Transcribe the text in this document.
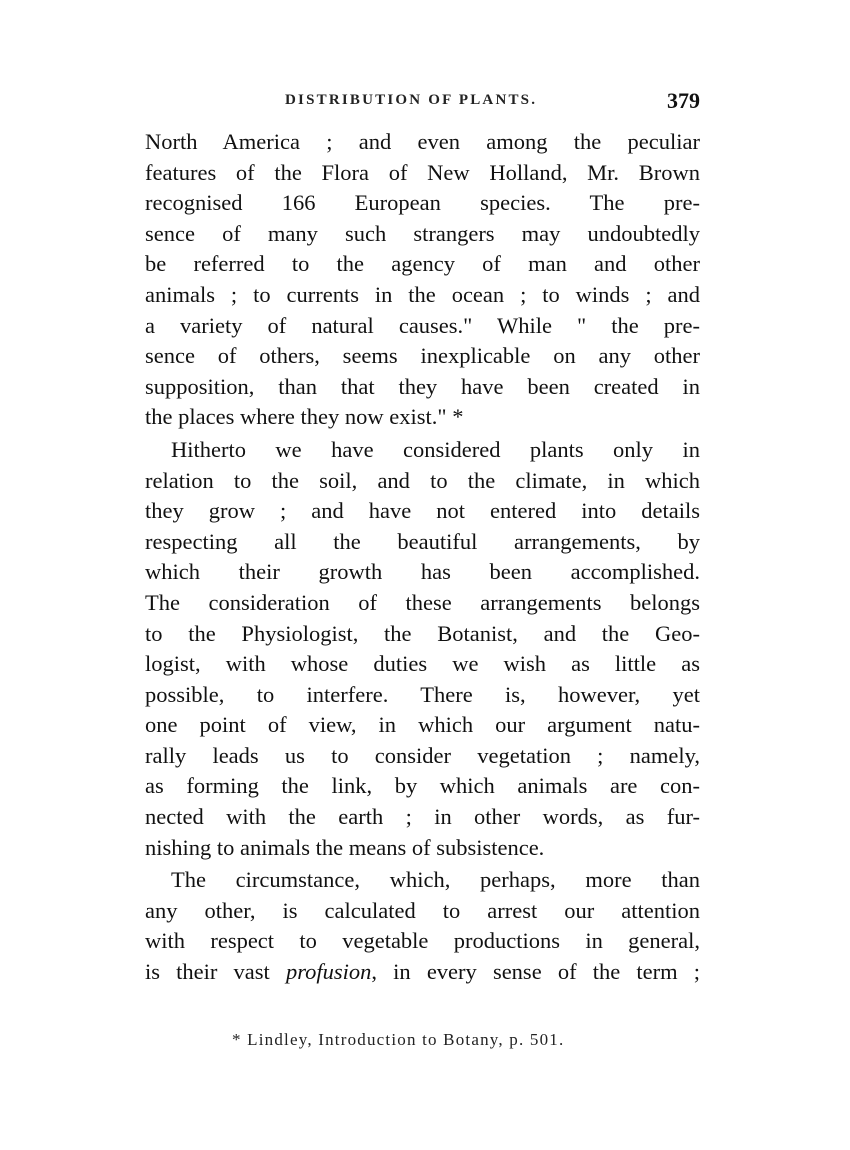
DISTRIBUTION OF PLANTS.	379
North America ; and even among the peculiar
features of the Flora of New Holland, Mr. Brown
recognised 166 European species. The pre-
sence of many such strangers may undoubtedly
be referred to the agency of man and other
animals ; to currents in the ocean ; to winds ; and
a variety of natural causes." While " the pre-
sence of others, seems inexplicable on any other
supposition, than that they have been created in
the places where they now exist." *
Hitherto we have considered plants only in
relation to the soil, and to the climate, in which
they grow ; and have not entered into details
respecting all the beautiful arrangements, by
which their growth has been accomplished.
The consideration of these arrangements belongs
to the Physiologist, the Botanist, and the Geo-
logist, with whose duties we wish as little as
possible, to interfere. There is, however, yet
one point of view, in which our argument natu-
rally leads us to consider vegetation ; namely,
as forming the link, by which animals are con-
nected with the earth ; in other words, as fur-
nishing to animals the means of subsistence.
The circumstance, which, perhaps, more than
any other, is calculated to arrest our attention
with respect to vegetable productions in general,
is their vast profusion, in every sense of the term ;
* Lindley, Introduction to Botany, p. 501.
